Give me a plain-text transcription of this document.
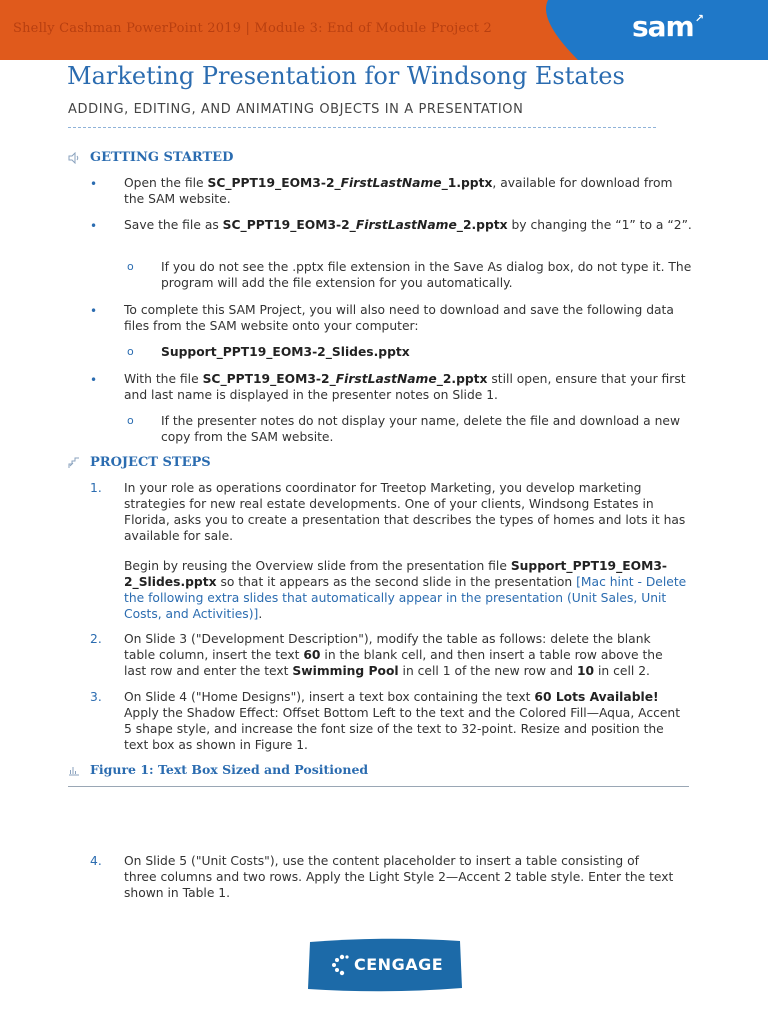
Shelly Cashman PowerPoint 2019 | Module 3: End of Module Project 2	sam↗
Marketing Presentation for Windsong Estates
ADDING, EDITING, AND ANIMATING OBJECTS IN A PRESENTATION
GETTING STARTED
• Open the file SC_PPT19_EOM3-2_FirstLastName_1.pptx, available for download from the SAM website.
• Save the file as SC_PPT19_EOM3-2_FirstLastName_2.pptx by changing the “1” to a “2”.
o If you do not see the .pptx file extension in the Save As dialog box, do not type it. The program will add the file extension for you automatically.
• To complete this SAM Project, you will also need to download and save the following data files from the SAM website onto your computer:
o Support_PPT19_EOM3-2_Slides.pptx
• With the file SC_PPT19_EOM3-2_FirstLastName_2.pptx still open, ensure that your first and last name is displayed in the presenter notes on Slide 1.
o If the presenter notes do not display your name, delete the file and download a new copy from the SAM website.
PROJECT STEPS
1. In your role as operations coordinator for Treetop Marketing, you develop marketing strategies for new real estate developments. One of your clients, Windsong Estates in Florida, asks you to create a presentation that describes the types of homes and lots it has available for sale.
Begin by reusing the Overview slide from the presentation file Support_PPT19_EOM3-2_Slides.pptx so that it appears as the second slide in the presentation [Mac hint - Delete the following extra slides that automatically appear in the presentation (Unit Sales, Unit Costs, and Activities)].
2. On Slide 3 ("Development Description"), modify the table as follows: delete the blank table column, insert the text 60 in the blank cell, and then insert a table row above the last row and enter the text Swimming Pool in cell 1 of the new row and 10 in cell 2.
3. On Slide 4 ("Home Designs"), insert a text box containing the text 60 Lots Available! Apply the Shadow Effect: Offset Bottom Left to the text and the Colored Fill—Aqua, Accent 5 shape style, and increase the font size of the text to 32-point. Resize and position the text box as shown in Figure 1.
Figure 1: Text Box Sized and Positioned
4. On Slide 5 ("Unit Costs"), use the content placeholder to insert a table consisting of three columns and two rows. Apply the Light Style 2—Accent 2 table style. Enter the text shown in Table 1.
CENGAGE
